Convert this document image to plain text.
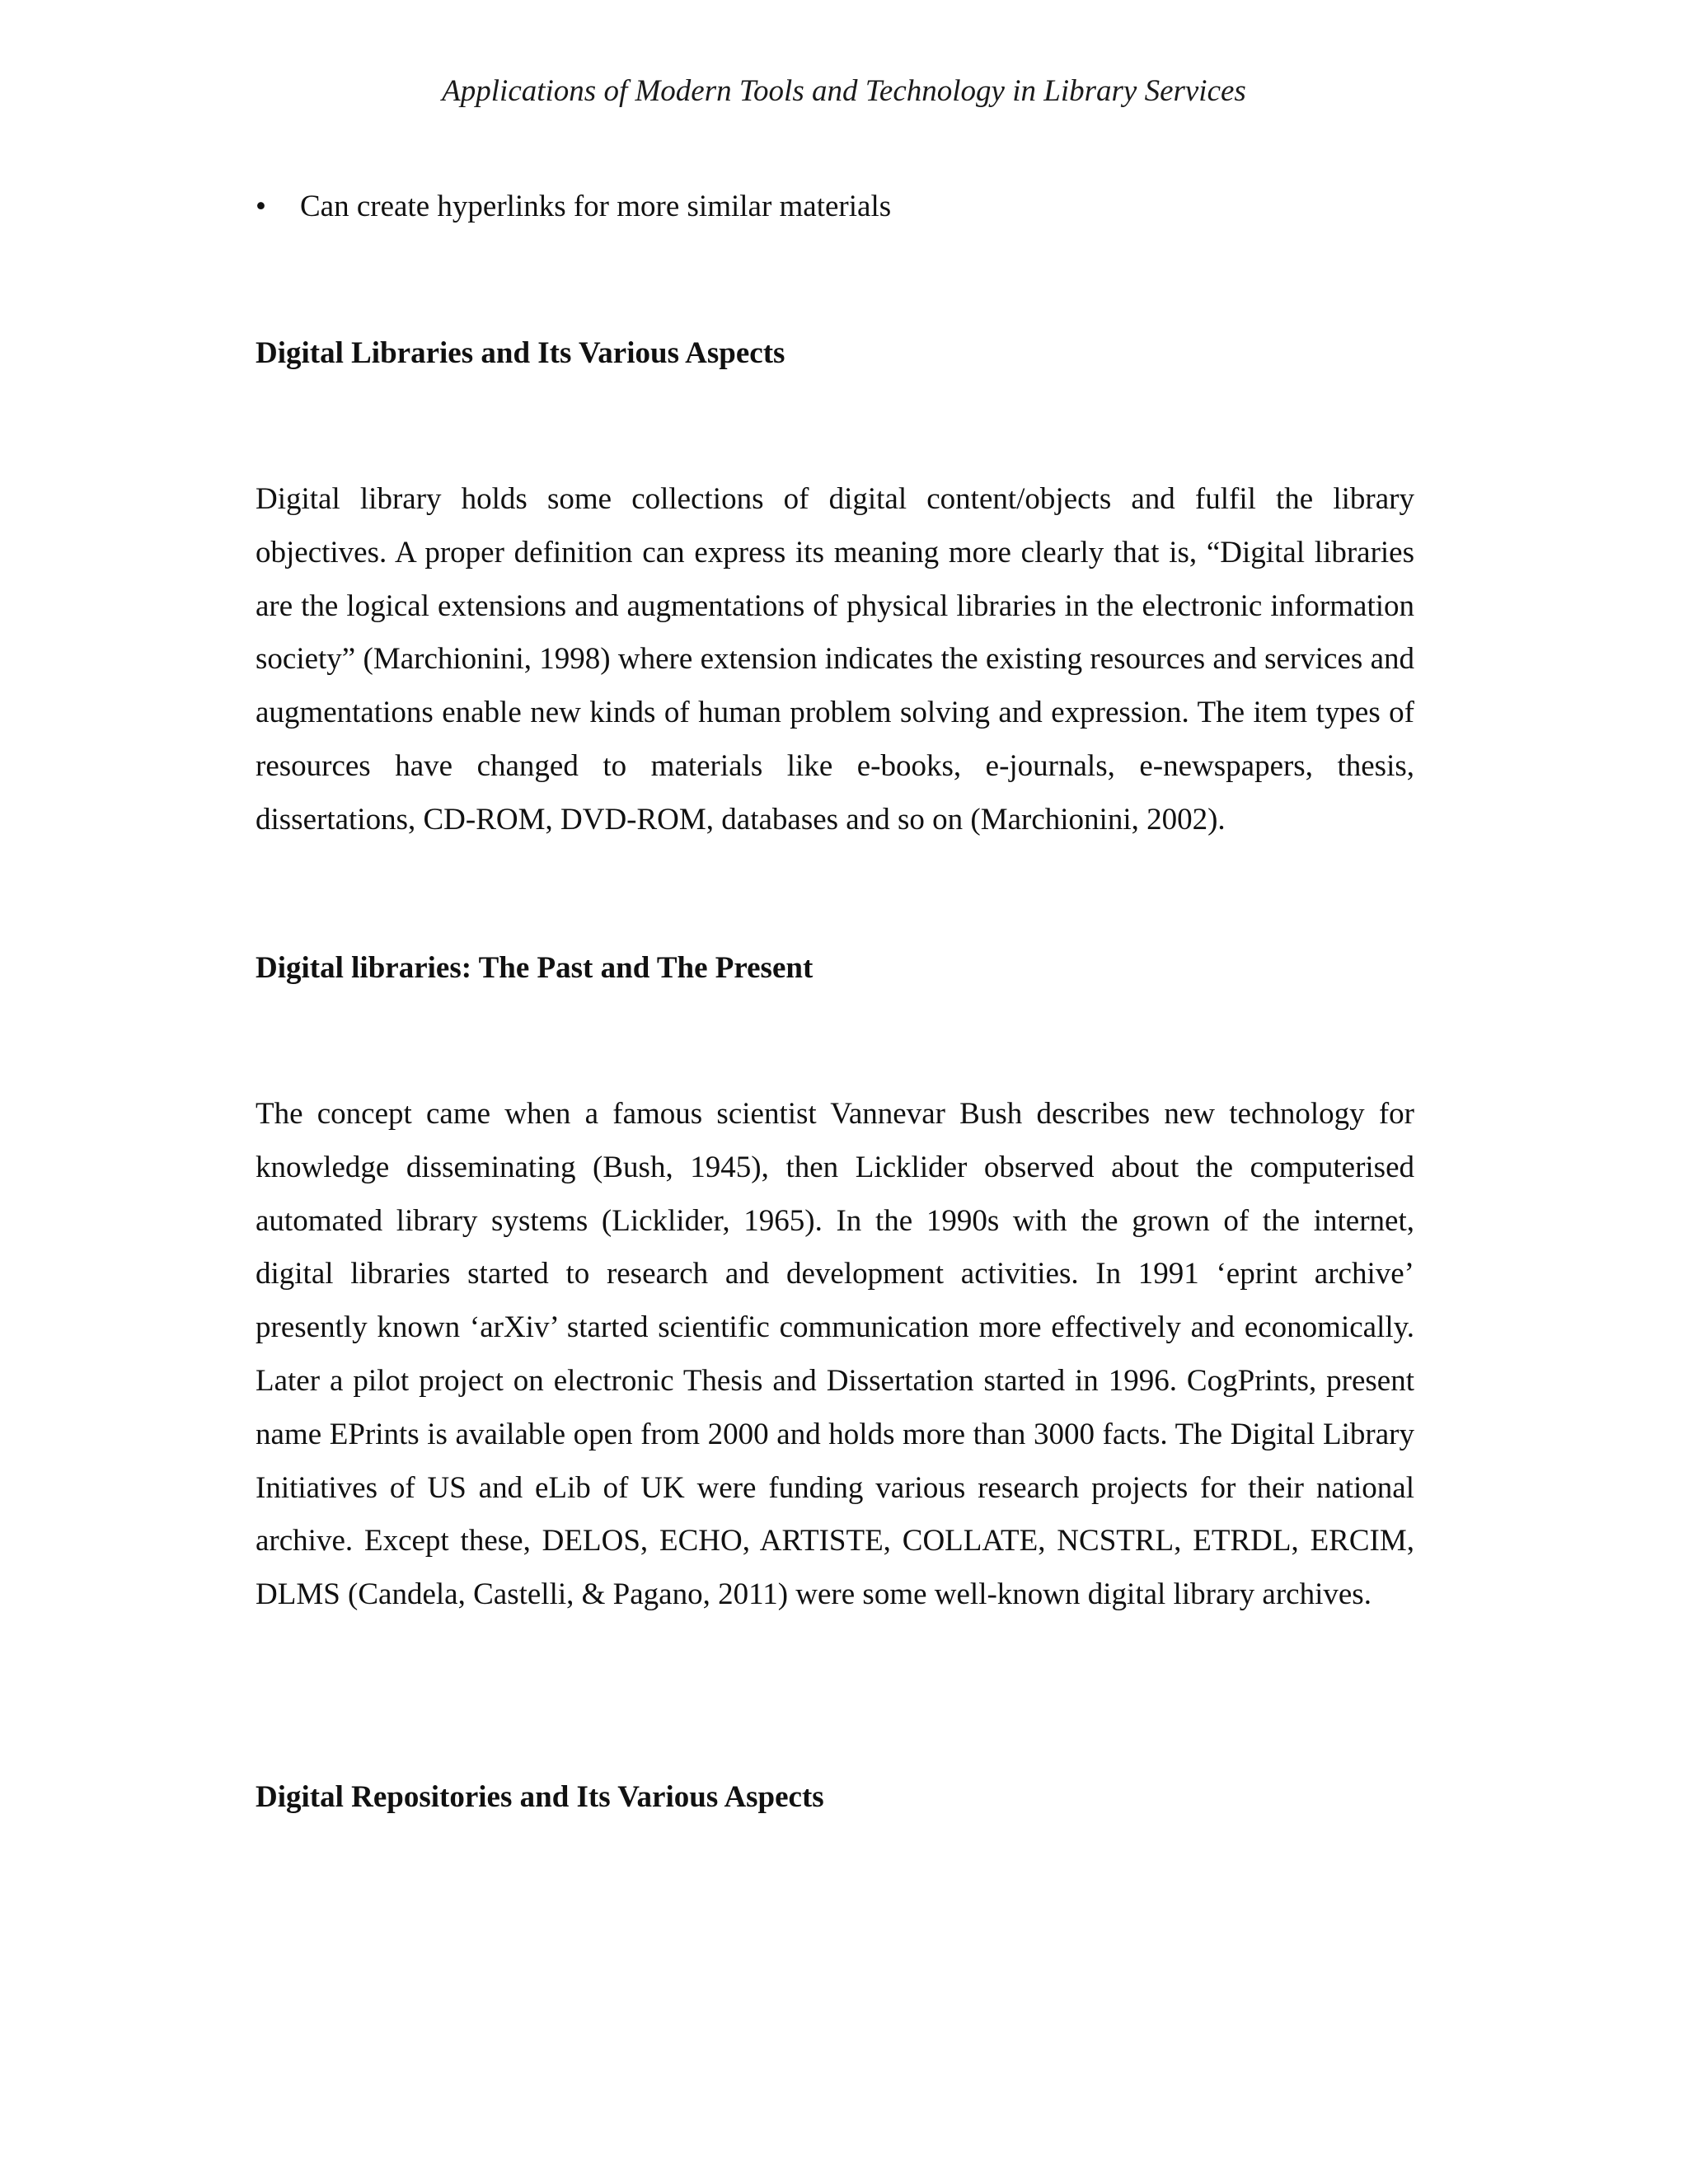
Applications of Modern Tools and Technology in Library Services
• Can create hyperlinks for more similar materials
Digital Libraries and Its Various Aspects

Digital library holds some collections of digital content/objects and fulfil the library objectives. A proper definition can express its meaning more clearly that is, “Digital libraries are the logical extensions and augmentations of physical libraries in the electronic information society” (Marchionini, 1998) where extension indicates the existing resources and services and augmentations enable new kinds of human problem solving and expression. The item types of resources have changed to materials like e-books, e-journals, e-newspapers, thesis, dissertations, CD-ROM, DVD-ROM, databases and so on (Marchionini, 2002).

Digital libraries: The Past and The Present

The concept came when a famous scientist Vannevar Bush describes new technology for knowledge disseminating (Bush, 1945), then Licklider observed about the computerised automated library systems (Licklider, 1965). In the 1990s with the grown of the internet, digital libraries started to research and development activities. In 1991 ‘eprint archive’ presently known ‘arXiv’ started scientific communication more effectively and economically. Later a pilot project on electronic Thesis and Dissertation started in 1996. CogPrints, present name EPrints is available open from 2000 and holds more than 3000 facts. The Digital Library Initiatives of US and eLib of UK were funding various research projects for their national archive. Except these, DELOS, ECHO, ARTISTE, COLLATE, NCSTRL, ETRDL, ERCIM, DLMS (Candela, Castelli, & Pagano, 2011) were some well-known digital library archives.

Digital Repositories and Its Various Aspects
